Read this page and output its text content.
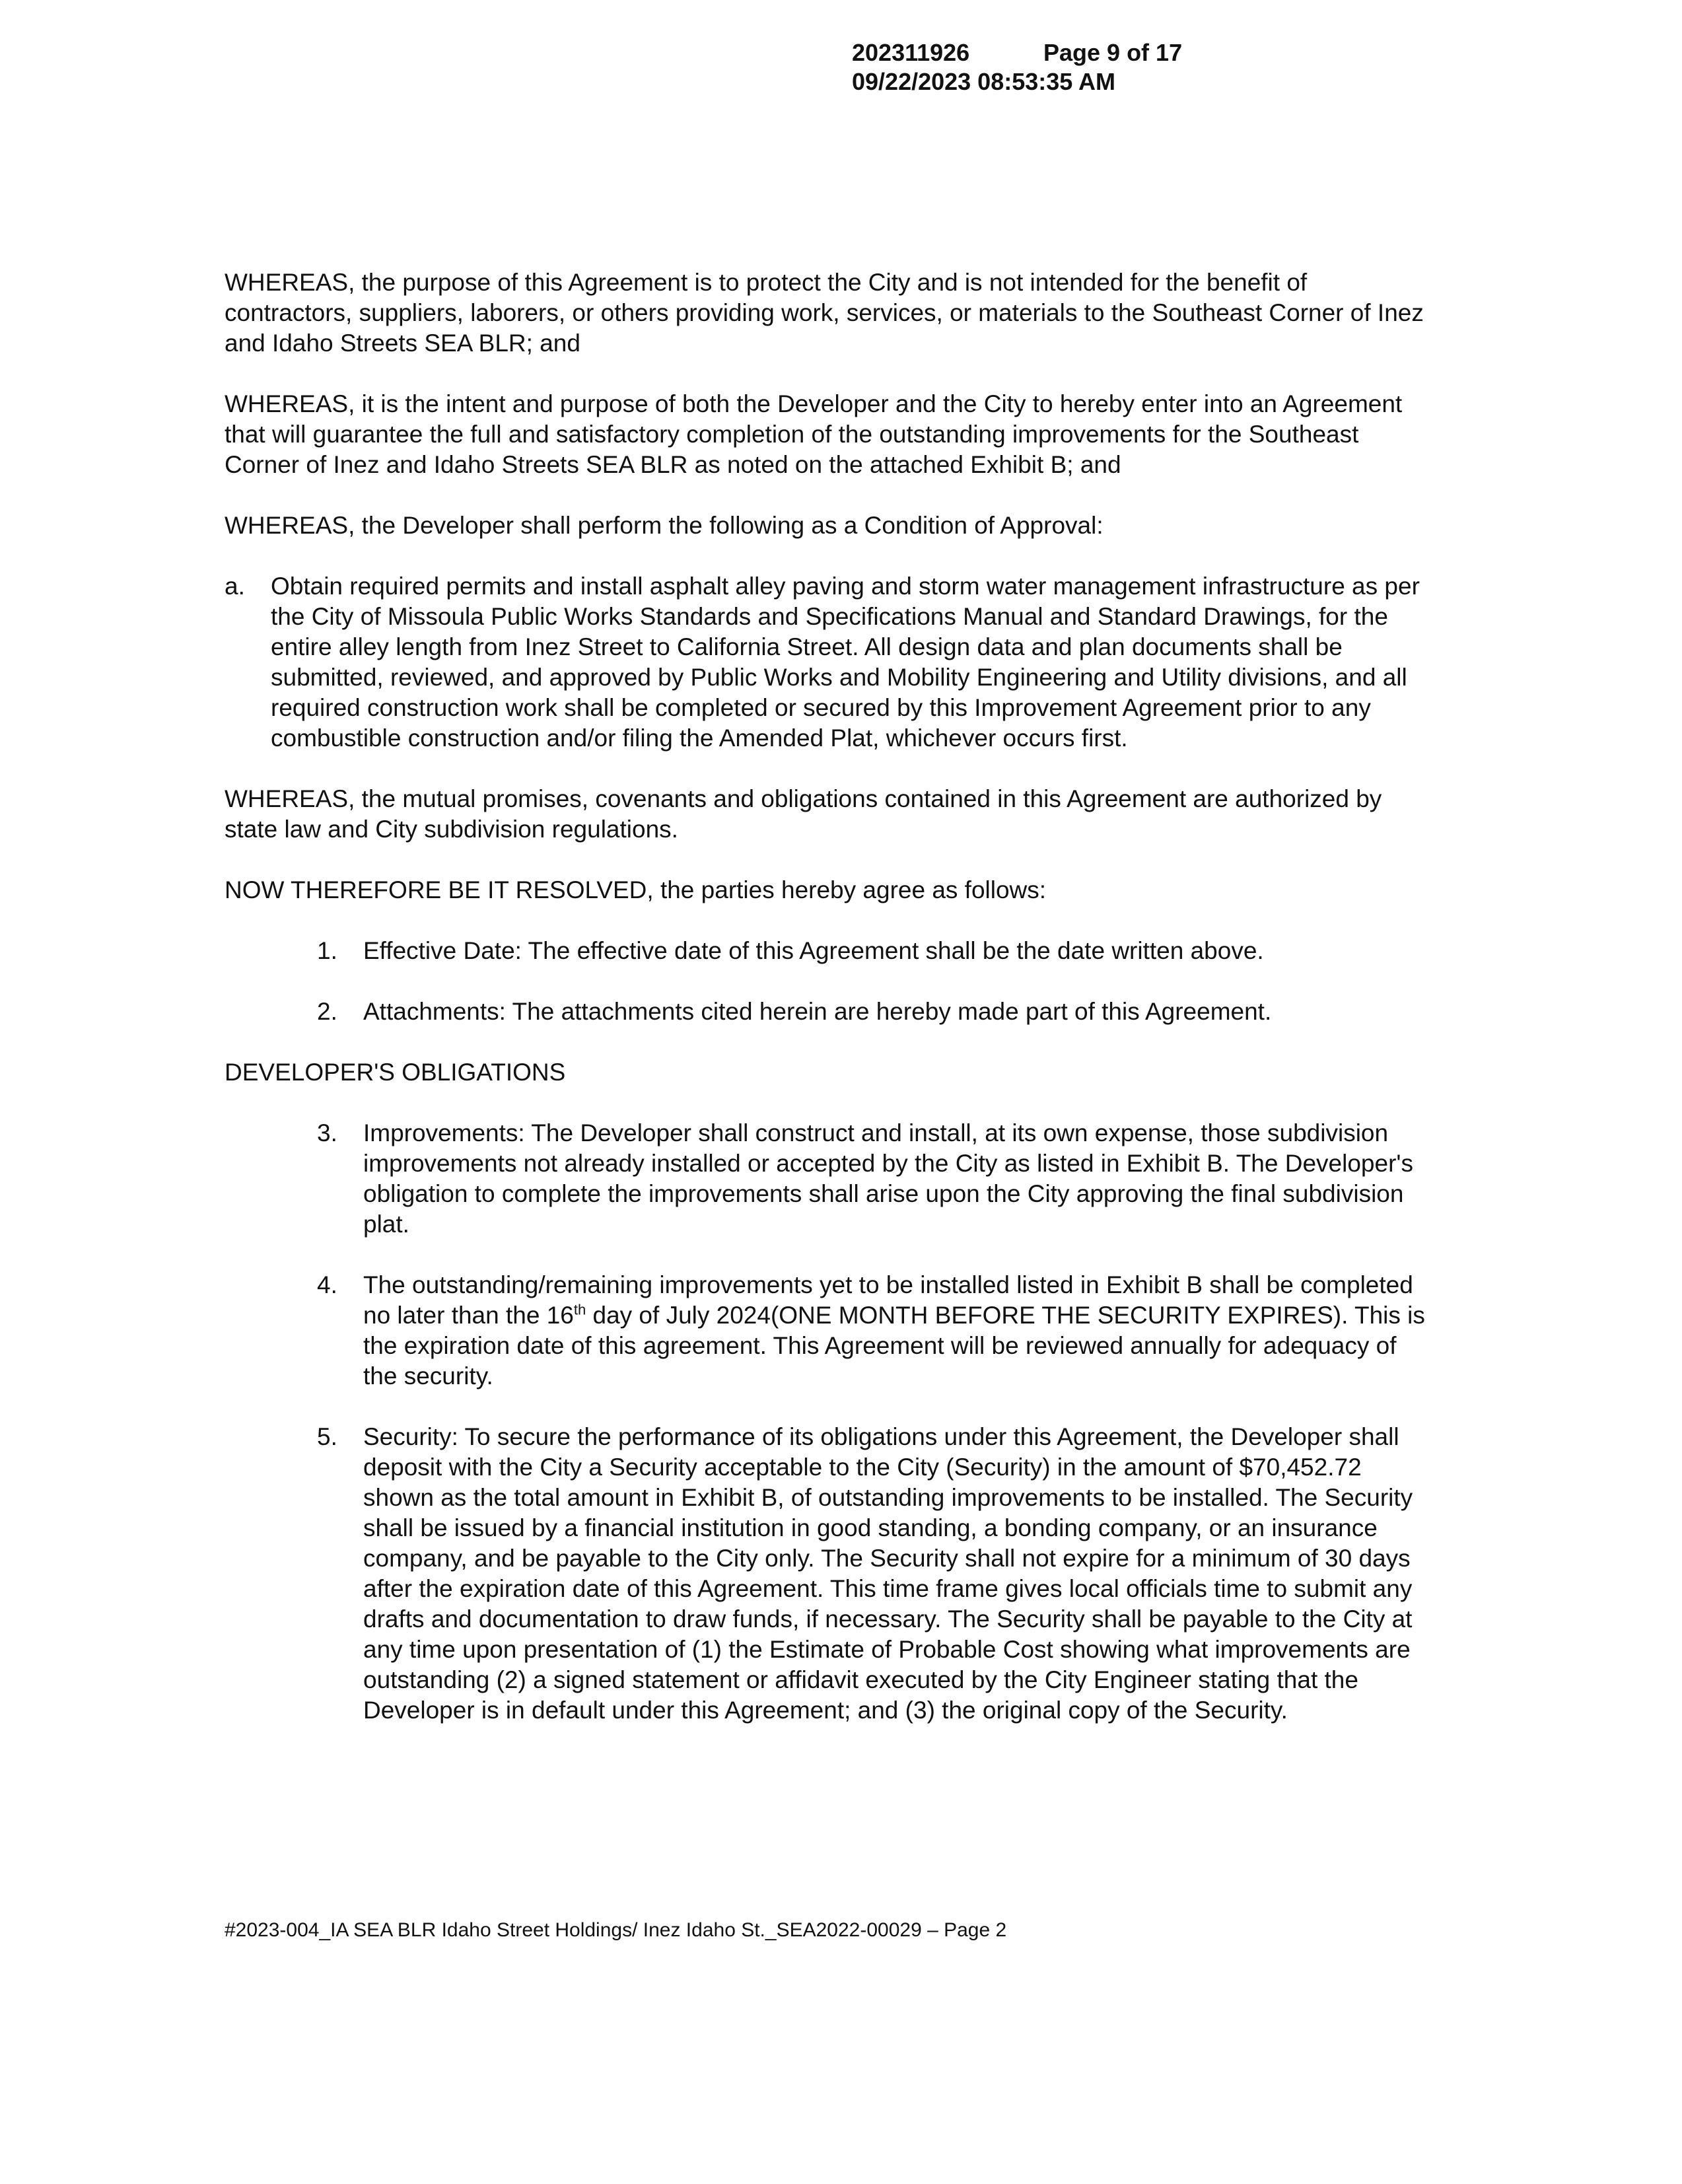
202311926	Page 9 of 17
09/22/2023 08:53:35 AM

WHEREAS, the purpose of this Agreement is to protect the City and is not intended for the benefit of contractors, suppliers, laborers, or others providing work, services, or materials to the Southeast Corner of Inez and Idaho Streets SEA BLR; and

WHEREAS, it is the intent and purpose of both the Developer and the City to hereby enter into an Agreement that will guarantee the full and satisfactory completion of the outstanding improvements for the Southeast Corner of Inez and Idaho Streets SEA BLR as noted on the attached Exhibit B; and

WHEREAS, the Developer shall perform the following as a Condition of Approval:

a.	Obtain required permits and install asphalt alley paving and storm water management infrastructure as per the City of Missoula Public Works Standards and Specifications Manual and Standard Drawings, for the entire alley length from Inez Street to California Street. All design data and plan documents shall be submitted, reviewed, and approved by Public Works and Mobility Engineering and Utility divisions, and all required construction work shall be completed or secured by this Improvement Agreement prior to any combustible construction and/or filing the Amended Plat, whichever occurs first.

WHEREAS, the mutual promises, covenants and obligations contained in this Agreement are authorized by state law and City subdivision regulations.

NOW THEREFORE BE IT RESOLVED, the parties hereby agree as follows:

1.	Effective Date: The effective date of this Agreement shall be the date written above.
2.	Attachments: The attachments cited herein are hereby made part of this Agreement.

DEVELOPER'S OBLIGATIONS

3.	Improvements: The Developer shall construct and install, at its own expense, those subdivision improvements not already installed or accepted by the City as listed in Exhibit B. The Developer's obligation to complete the improvements shall arise upon the City approving the final subdivision plat.
4.	The outstanding/remaining improvements yet to be installed listed in Exhibit B shall be completed no later than the 16th day of July 2024(ONE MONTH BEFORE THE SECURITY EXPIRES). This is the expiration date of this agreement. This Agreement will be reviewed annually for adequacy of the security.
5.	Security: To secure the performance of its obligations under this Agreement, the Developer shall deposit with the City a Security acceptable to the City (Security) in the amount of $70,452.72 shown as the total amount in Exhibit B, of outstanding improvements to be installed. The Security shall be issued by a financial institution in good standing, a bonding company, or an insurance company, and be payable to the City only. The Security shall not expire for a minimum of 30 days after the expiration date of this Agreement. This time frame gives local officials time to submit any drafts and documentation to draw funds, if necessary. The Security shall be payable to the City at any time upon presentation of (1) the Estimate of Probable Cost showing what improvements are outstanding (2) a signed statement or affidavit executed by the City Engineer stating that the Developer is in default under this Agreement; and (3) the original copy of the Security.
#2023-004_IA SEA BLR Idaho Street Holdings/ Inez Idaho St._SEA2022-00029 – Page 2
